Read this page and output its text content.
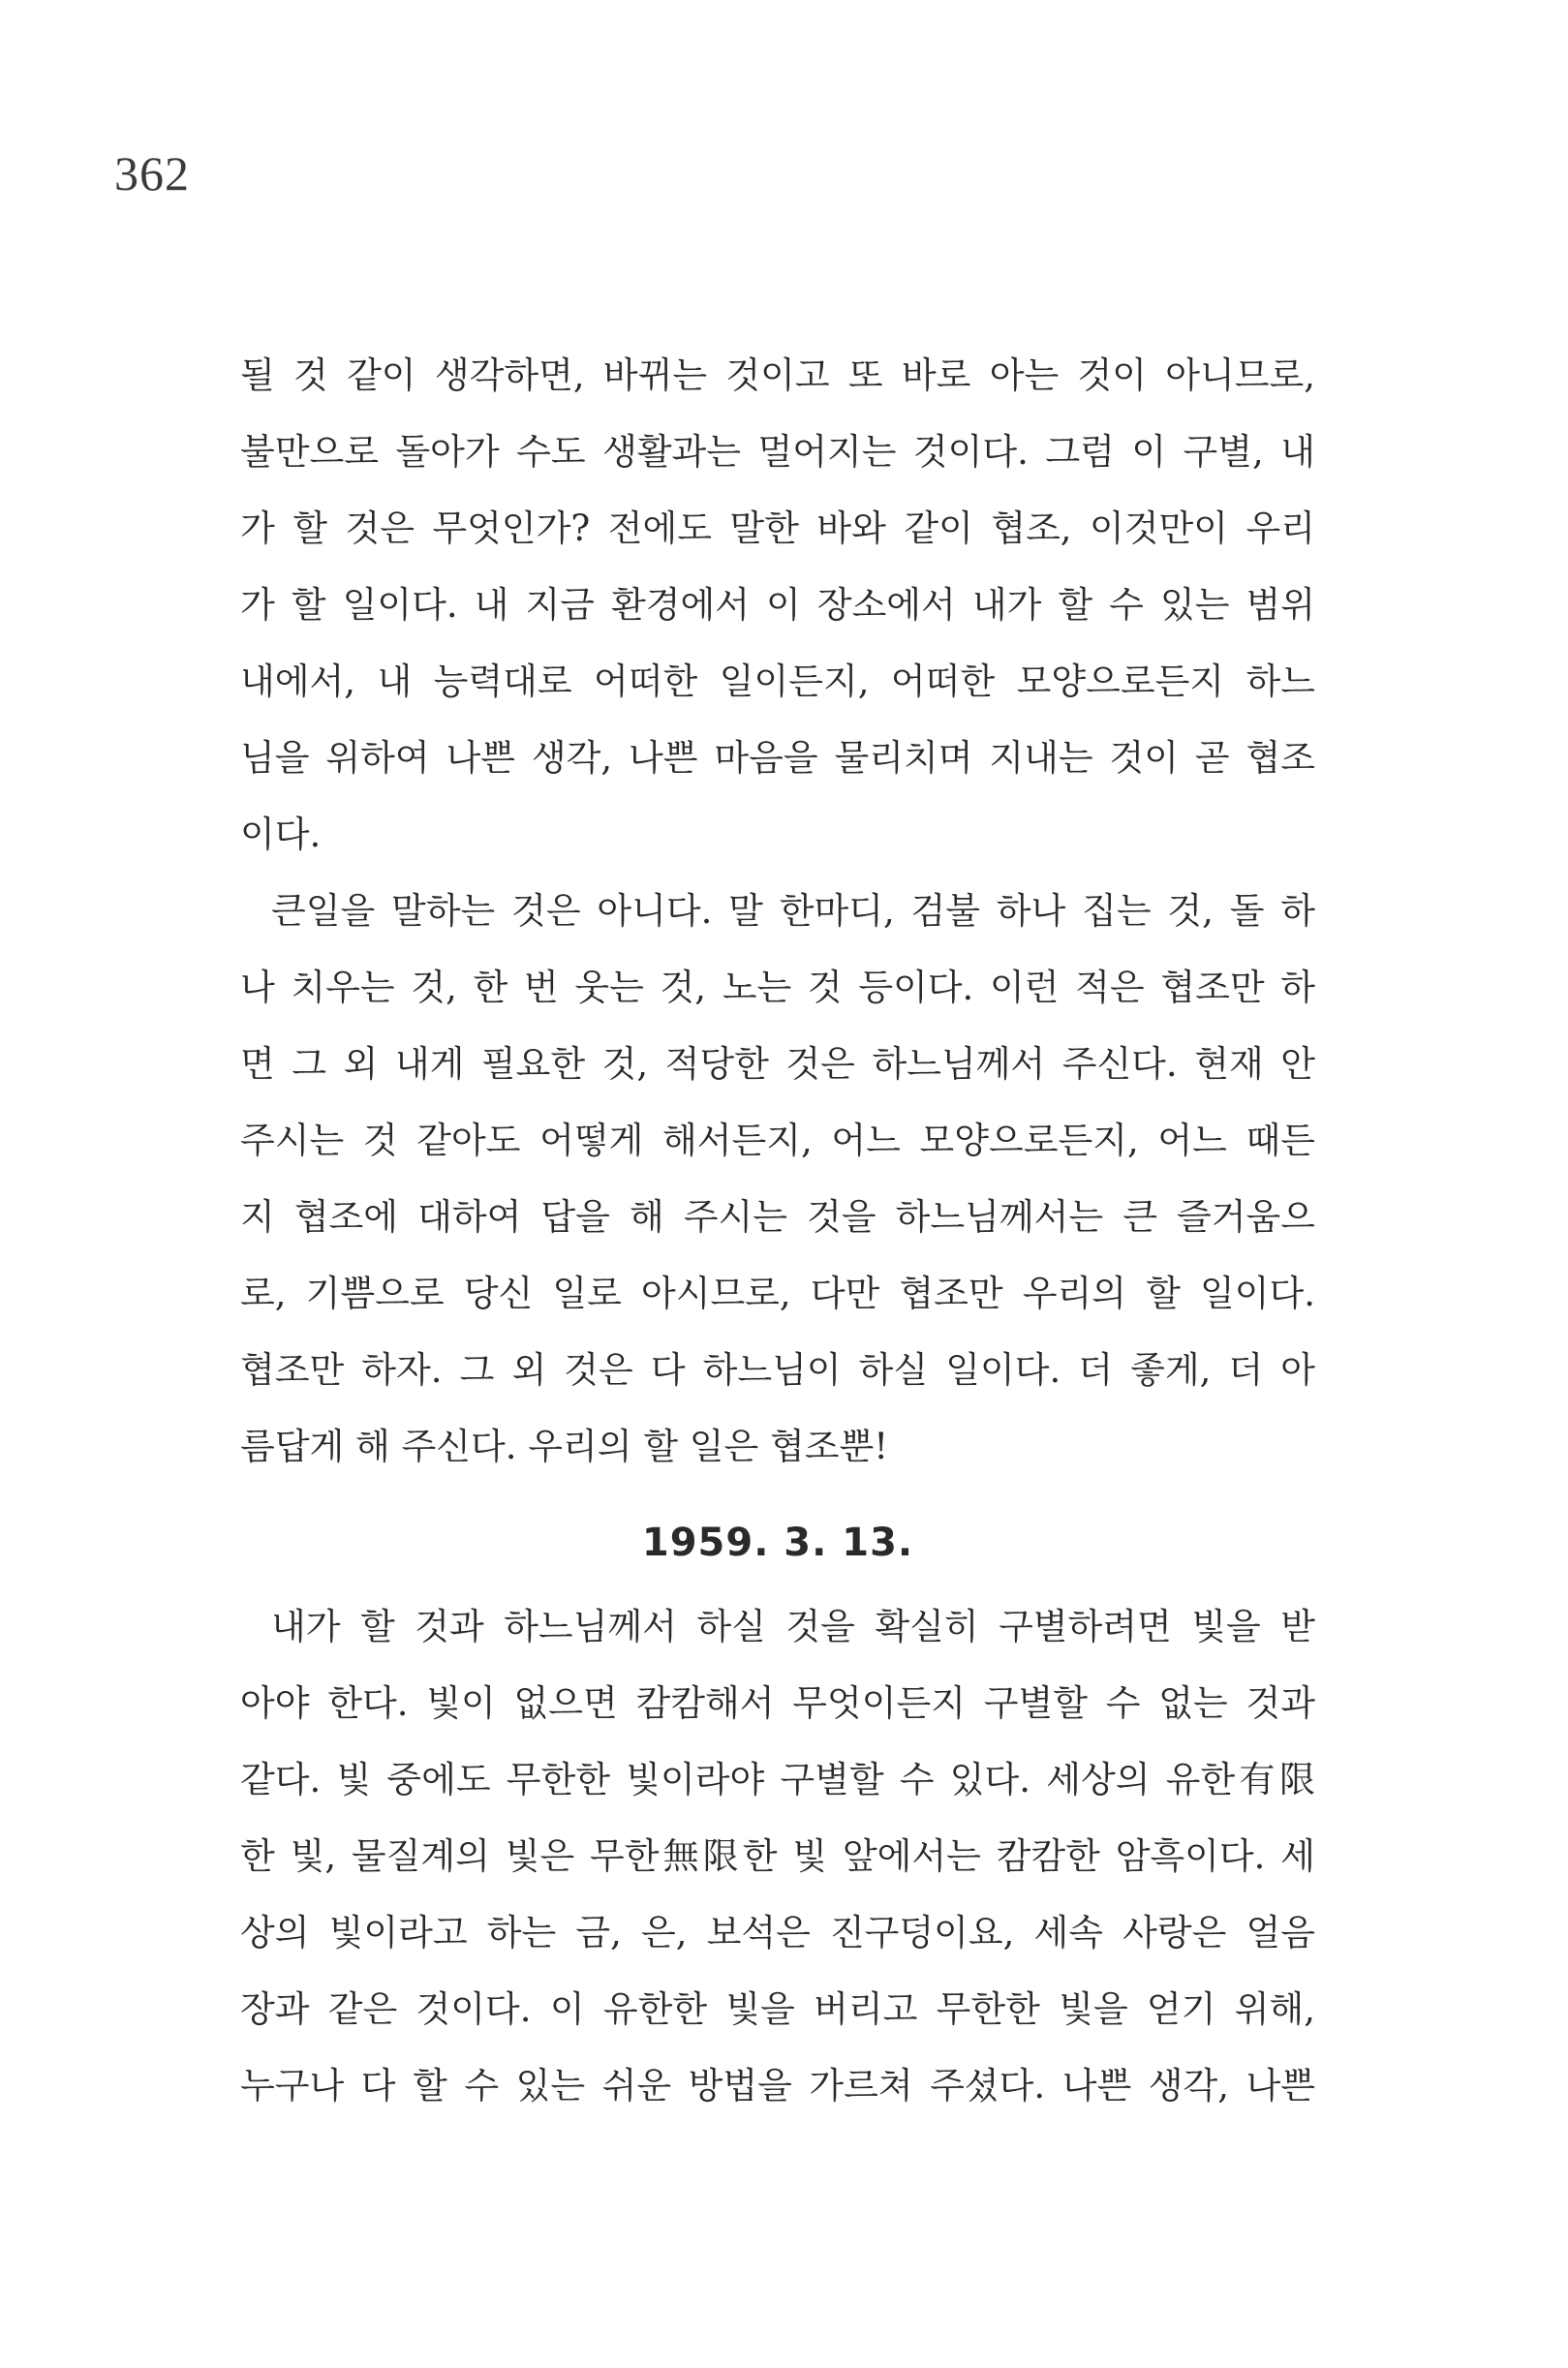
362
될 것 같이 생각하면, 바뀌는 것이고 또 바로 아는 것이 아니므로,
불만으로 돌아가 수도 생활과는 멀어지는 것이다. 그럼 이 구별, 내
가 할 것은 무엇인가? 전에도 말한 바와 같이 협조, 이것만이 우리
가 할 일이다. 내 지금 환경에서 이 장소에서 내가 할 수 있는 범위
내에서, 내 능력대로 어떠한 일이든지, 어떠한 모양으로든지 하느
님을 위하여 나쁜 생각, 나쁜 마음을 물리치며 지내는 것이 곧 협조
이다.
큰일을 말하는 것은 아니다. 말 한마디, 검불 하나 집는 것, 돌 하
나 치우는 것, 한 번 웃는 것, 노는 것 등이다. 이런 적은 협조만 하
면 그 외 내게 필요한 것, 적당한 것은 하느님께서 주신다. 현재 안
주시는 것 같아도 어떻게 해서든지, 어느 모양으로든지, 어느 때든
지 협조에 대하여 답을 해 주시는 것을 하느님께서는 큰 즐거움으
로, 기쁨으로 당신 일로 아시므로, 다만 협조만 우리의 할 일이다.
협조만 하자. 그 외 것은 다 하느님이 하실 일이다. 더 좋게, 더 아
름답게 해 주신다. 우리의 할 일은 협조뿐!
1959. 3. 13.
내가 할 것과 하느님께서 하실 것을 확실히 구별하려면 빛을 받
아야 한다. 빛이 없으면 캄캄해서 무엇이든지 구별할 수 없는 것과
같다. 빛 중에도 무한한 빛이라야 구별할 수 있다. 세상의 유한有限
한 빛, 물질계의 빛은 무한無限한 빛 앞에서는 캄캄한 암흑이다. 세
상의 빛이라고 하는 금, 은, 보석은 진구덩이요, 세속 사랑은 얼음
장과 같은 것이다. 이 유한한 빛을 버리고 무한한 빛을 얻기 위해,
누구나 다 할 수 있는 쉬운 방법을 가르쳐 주셨다. 나쁜 생각, 나쁜
